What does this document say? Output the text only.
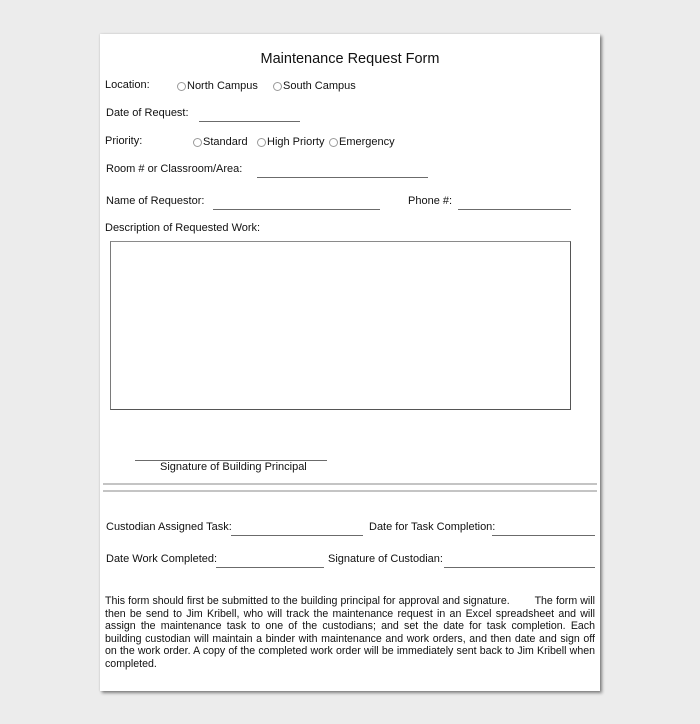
Maintenance Request Form
Location:	North Campus South Campus
Date of Request:
Priority:	Standard High Priorty Emergency
Room # or Classroom/Area:
Name of Requestor:	Phone #:
Description of Requested Work:
Signature of Building Principal
Custodian Assigned Task:	Date for Task Completion:
Date Work Completed:	Signature of Custodian:
This form should first be submitted to the building principal for approval and signature. The form will then be send to Jim Kribell, who will track the maintenance request in an Excel spreadsheet and will assign the maintenance task to one of the custodians; and set the date for task completion. Each building custodian will maintain a binder with maintenance and work orders, and then date and sign off on the work order. A copy of the completed work order will be immediately sent back to Jim Kribell when completed.
